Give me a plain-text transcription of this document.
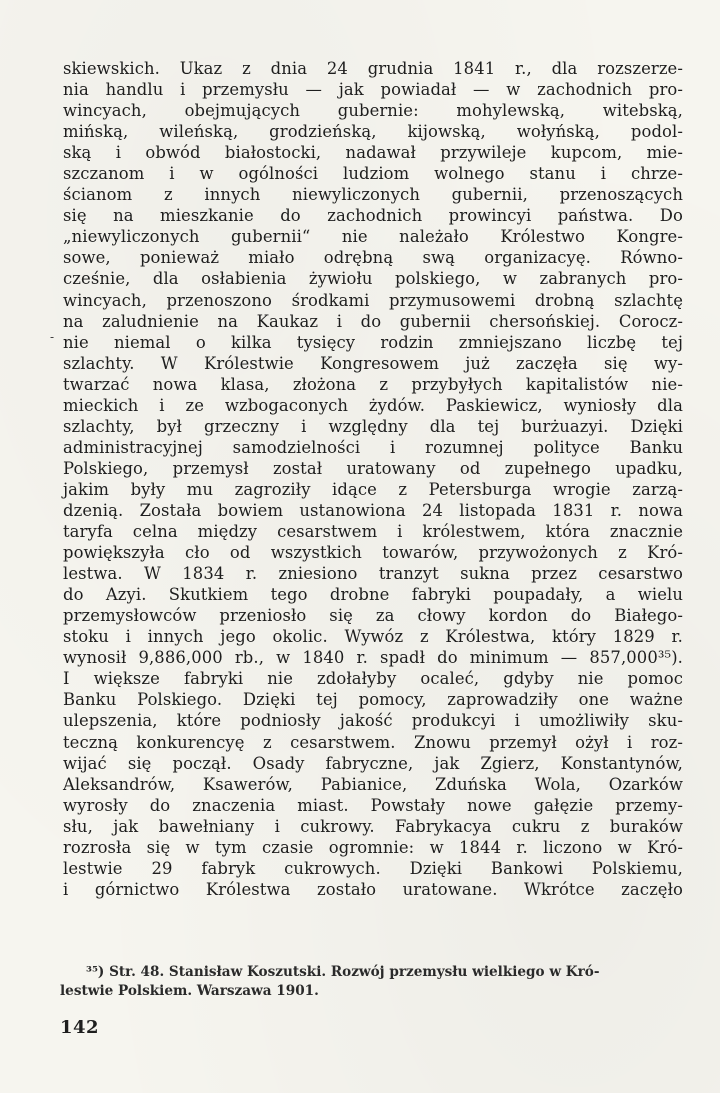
skiewskich. Ukaz z dnia 24 grudnia 1841 r., dla rozszerze-
nia handlu i przemysłu — jak powiadał — w zachodnich pro-
wincyach, obejmujących gubernie: mohylewską, witebską,
mińską, wileńską, grodzieńską, kijowską, wołyńską, podol-
ską i obwód białostocki, nadawał przywileje kupcom, mie-
szczanom i w ogólności ludziom wolnego stanu i chrze-
ścianom z innych niewyliczonych gubernii, przenoszących
się na mieszkanie do zachodnich prowincyi państwa. Do
„niewyliczonych gubernii“ nie należało Królestwo Kongre-
sowe, ponieważ miało odrębną swą organizacyę. Równo-
cześnie, dla osłabienia żywiołu polskiego, w zabranych pro-
wincyach, przenoszono środkami przymusowemi drobną szlachtę
na zaludnienie na Kaukaz i do gubernii chersońskiej. Corocz-
nie niemal o kilka tysięcy rodzin zmniejszano liczbę tej
szlachty. W Królestwie Kongresowem już zaczęła się wy-
twarzać nowa klasa, złożona z przybyłych kapitalistów nie-
mieckich i ze wzbogaconych żydów. Paskiewicz, wyniosły dla
szlachty, był grzeczny i względny dla tej burżuazyi. Dzięki
administracyjnej samodzielności i rozumnej polityce Banku
Polskiego, przemysł został uratowany od zupełnego upadku,
jakim były mu zagroziły idące z Petersburga wrogie zarzą-
dzenią. Została bowiem ustanowiona 24 listopada 1831 r. nowa
taryfa celna między cesarstwem i królestwem, która znacznie
powiększyła cło od wszystkich towarów, przywożonych z Kró-
lestwa. W 1834 r. zniesiono tranzyt sukna przez cesarstwo
do Azyi. Skutkiem tego drobne fabryki poupadały, a wielu
przemysłowców przeniosło się za cłowy kordon do Białego-
stoku i innych jego okolic. Wywóz z Królestwa, który 1829 r.
wynosił 9,886,000 rb., w 1840 r. spadł do minimum — 857,000³⁵).
I większe fabryki nie zdołałyby ocaleć, gdyby nie pomoc
Banku Polskiego. Dzięki tej pomocy, zaprowadziły one ważne
ulepszenia, które podniosły jakość produkcyi i umożliwiły sku-
teczną konkurencyę z cesarstwem. Znowu przemył ożył i roz-
wijać się począł. Osady fabryczne, jak Zgierz, Konstantynów,
Aleksandrów, Ksawerów, Pabianice, Zduńska Wola, Ozarków
wyrosły do znaczenia miast. Powstały nowe gałęzie przemy-
słu, jak bawełniany i cukrowy. Fabrykacya cukru z buraków
rozrosła się w tym czasie ogromnie: w 1844 r. liczono w Kró-
lestwie 29 fabryk cukrowych. Dzięki Bankowi Polskiemu,
i górnictwo Królestwa zostało uratowane. Wkrótce zaczęło
-
³⁵) Str. 48. Stanisław Koszutski. Rozwój przemysłu wielkiego w Kró-
lestwie Polskiem. Warszawa 1901.
142
